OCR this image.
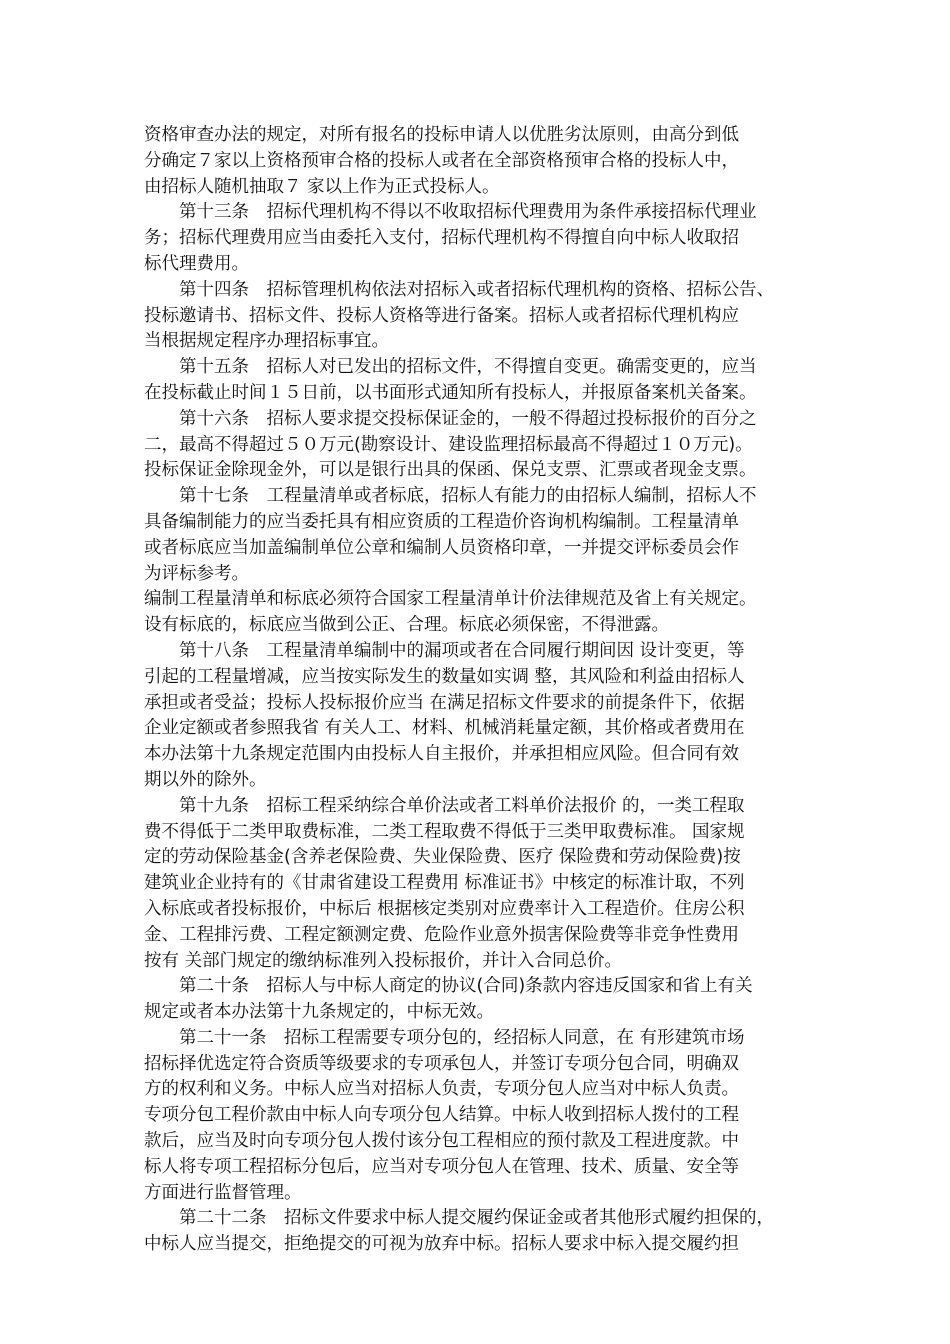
资格审查办法的规定，对所有报名的投标申请人以优胜劣汰原则，由高分到低
分确定７家以上资格预审合格的投标人或者在全部资格预审合格的投标人中，
由招标人随机抽取７ 家以上作为正式投标人。
　　第十三条　招标代理机构不得以不收取招标代理费用为条件承接招标代理业
务；招标代理费用应当由委托入支付，招标代理机构不得擅自向中标人收取招
标代理费用。
　　第十四条　招标管理机构依法对招标入或者招标代理机构的资格、招标公告、
投标邀请书、招标文件、投标人资格等进行备案。招标人或者招标代理机构应
当根据规定程序办理招标事宜。
　　第十五条　招标人对已发出的招标文件，不得擅自变更。确需变更的，应当
在投标截止时间１５日前，以书面形式通知所有投标人，并报原备案机关备案。
　　第十六条　招标人要求提交投标保证金的，一般不得超过投标报价的百分之
二，最高不得超过５０万元(勘察设计、建设监理招标最高不得超过１０万元)。
投标保证金除现金外，可以是银行出具的保函、保兑支票、汇票或者现金支票。
　　第十七条　工程量清单或者标底，招标人有能力的由招标人编制，招标人不
具备编制能力的应当委托具有相应资质的工程造价咨询机构编制。工程量清单
或者标底应当加盖编制单位公章和编制人员资格印章，一并提交评标委员会作
为评标参考。
编制工程量清单和标底必须符合国家工程量清单计价法律规范及省上有关规定。
设有标底的，标底应当做到公正、合理。标底必须保密，不得泄露。
　　第十八条　工程量清单编制中的漏项或者在合同履行期间因 设计变更，等
引起的工程量增减，应当按实际发生的数量如实调 整，其风险和利益由招标人
承担或者受益；投标人投标报价应当 在满足招标文件要求的前提条件下，依据
企业定额或者参照我省 有关人工、材料、机械消耗量定额，其价格或者费用在
本办法第十九条规定范围内由投标人自主报价，并承担相应风险。但合同有效
期以外的除外。
　　第十九条　招标工程采纳综合单价法或者工料单价法报价 的，一类工程取
费不得低于二类甲取费标准，二类工程取费不得低于三类甲取费标准。 国家规
定的劳动保险基金(含养老保险费、失业保险费、医疗 保险费和劳动保险费)按
建筑业企业持有的《甘肃省建设工程费用 标准证书》中核定的标准计取，不列
入标底或者投标报价，中标后 根据核定类别对应费率计入工程造价。住房公积
金、工程排污费、工程定额测定费、危险作业意外损害保险费等非竞争性费用
按有 关部门规定的缴纳标准列入投标报价，并计入合同总价。
　　第二十条　招标人与中标人商定的协议(合同)条款内容违反国家和省上有关
规定或者本办法第十九条规定的，中标无效。
　　第二十一条　招标工程需要专项分包的，经招标人同意，在 有形建筑市场
招标择优选定符合资质等级要求的专项承包人，并签订专项分包合同，明确双
方的权利和义务。中标人应当对招标人负责，专项分包人应当对中标人负责。
专项分包工程价款由中标人向专项分包人结算。中标人收到招标人拨付的工程
款后，应当及时向专项分包人拨付该分包工程相应的预付款及工程进度款。中
标人将专项工程招标分包后，应当对专项分包人在管理、技术、质量、安全等
方面进行监督管理。
　　第二十二条　招标文件要求中标人提交履约保证金或者其他形式履约担保的，
中标人应当提交，拒绝提交的可视为放弃中标。招标人要求中标入提交履约担
